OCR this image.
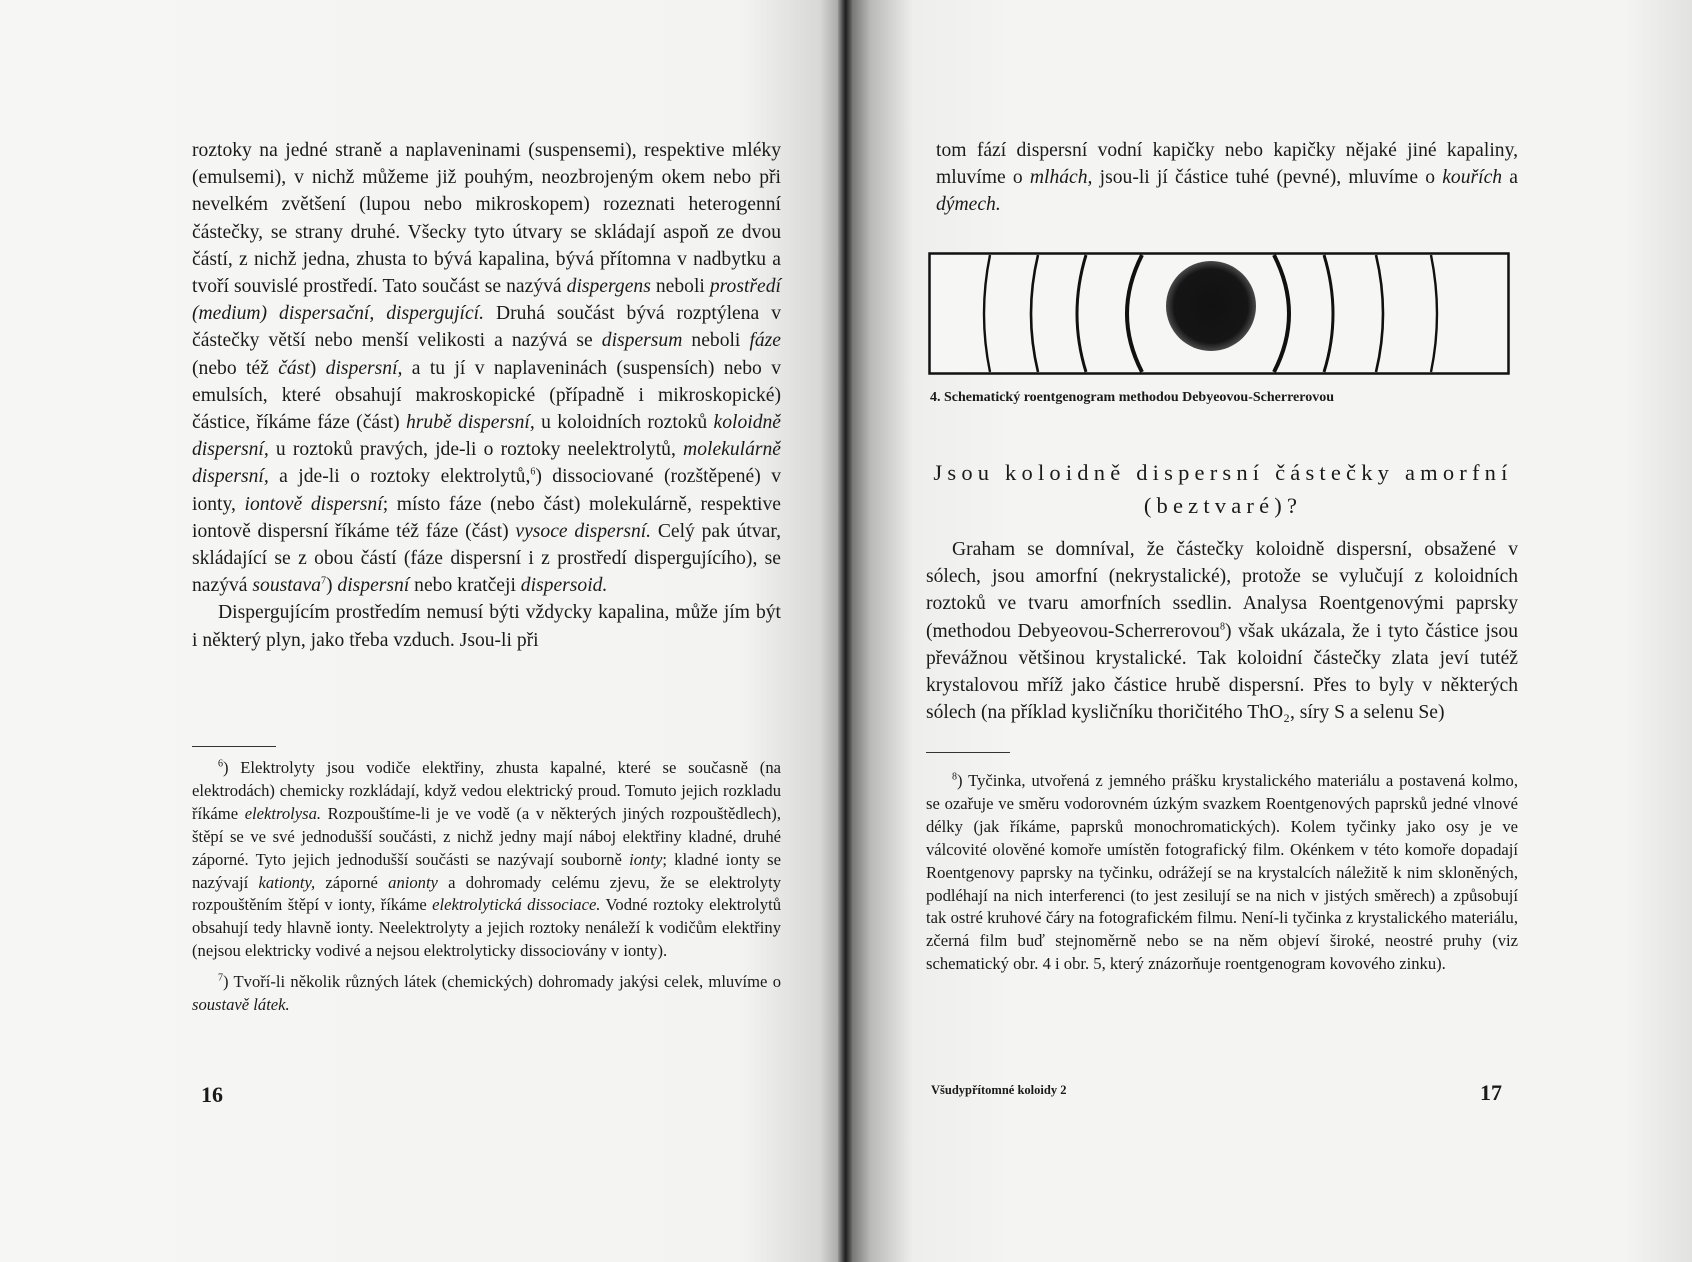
roztoky na jedné straně a naplaveninami (suspensemi), respektive mléky (emulsemi), v nichž můžeme již pouhým, neozbrojeným okem nebo při nevelkém zvětšení (lupou nebo mikroskopem) rozeznati heterogenní částečky, se strany druhé. Všecky tyto útvary se skládají aspoň ze dvou částí, z nichž jedna, zhusta to bývá kapalina, bývá přítomna v nadbytku a tvoří souvislé prostředí. Tato součást se nazývá dispergens neboli prostředí (medium) dispersační, dispergující. Druhá součást bývá rozptýlena v částečky větší nebo menší velikosti a nazývá se dispersum neboli fáze (nebo též část) dispersní, a tu jí v naplaveninách (suspensích) nebo v emulsích, které obsahují makroskopické (případně i mikroskopické) částice, říkáme fáze (část) hrubě dispersní, u koloidních roztoků koloidně dispersní, u roztoků pravých, jde-li o roztoky neelektrolytů, molekulárně dispersní, a jde-li o roztoky elektrolytů,$^6$) dissociované (rozštěpené) v ionty, iontově dispersní; místo fáze (nebo část) molekulárně, respektive iontově dispersní říkáme též fáze (část) vysoce dispersní. Celý pak útvar, skládající se z obou částí (fáze dispersní i z prostředí dispergujícího), se nazývá soustava$^7$) dispersní nebo kratčeji dispersoid.

Dispergujícím prostředím nemusí býti vždycky kapalina, může jím být i některý plyn, jako třeba vzduch. Jsou-li při

$^6$) Elektrolyty jsou vodiče elektřiny, zhusta kapalné, které se současně (na elektrodách) chemicky rozkládají, když vedou elektrický proud. Tomuto jejich rozkladu říkáme elektrolysa. Rozpouštíme-li je ve vodě (a v některých jiných rozpouštědlech), štěpí se ve své jednodušší součásti, z nichž jedny mají náboj elektřiny kladné, druhé záporné. Tyto jejich jednodušší součásti se nazývají souborně ionty; kladné ionty se nazývají kationty, záporné anionty a dohromady celému zjevu, že se elektrolyty rozpouštěním štěpí v ionty, říkáme elektrolytická dissociace. Vodné roztoky elektrolytů obsahují tedy hlavně ionty. Neelektrolyty a jejich roztoky nenáleží k vodičům elektřiny (nejsou elektricky vodivé a nejsou elektrolyticky dissociovány v ionty).

$^7$) Tvoří-li několik různých látek (chemických) dohromady jakýsi celek, mluvíme o soustavě látek.

16

tom fází dispersní vodní kapičky nebo kapičky nějaké jiné kapaliny, mluvíme o mlhách, jsou-li jí částice tuhé (pevné), mluvíme o kouřích a dýmech.

4. Schematický roentgenogram methodou Debyeovou-Scherrerovou
Jsou koloidně dispersní částečky amorfní
(beztvaré)?

Graham se domníval, že částečky koloidně dispersní, obsažené v sólech, jsou amorfní (nekrystalické), protože se vylučují z koloidních roztoků ve tvaru amorfních ssedlin. Analysa Roentgenovými paprsky (methodou Debyeovou-Scherrerovou$^8$) však ukázala, že i tyto částice jsou převážnou většinou krystalické. Tak koloidní částečky zlata jeví tutéž krystalovou mříž jako částice hrubě dispersní. Přes to byly v některých sólech (na příklad kysličníku thoričitého ThO₂, síry S a selenu Se)

$^8$) Tyčinka, utvořená z jemného prášku krystalického materiálu a postavená kolmo, se ozařuje ve směru vodorovném úzkým svazkem Roentgenových paprsků jedné vlnové délky (jak říkáme, paprsků monochromatických). Kolem tyčinky jako osy je ve válcovité olověné komoře umístěn fotografický film. Okénkem v této komoře dopadají Roentgenovy paprsky na tyčinku, odrážejí se na krystalcích náležitě k nim skloněných, podléhají na nich interferenci (to jest zesilují se na nich v jistých směrech) a způsobují tak ostré kruhové čáry na fotografickém filmu. Není-li tyčinka z krystalického materiálu, zčerná film buď stejnoměrně nebo se na něm objeví široké, neostré pruhy (viz schematický obr. 4 i obr. 5, který znázorňuje roentgenogram kovového zinku).

Všudypřítomné koloidy 2	17
